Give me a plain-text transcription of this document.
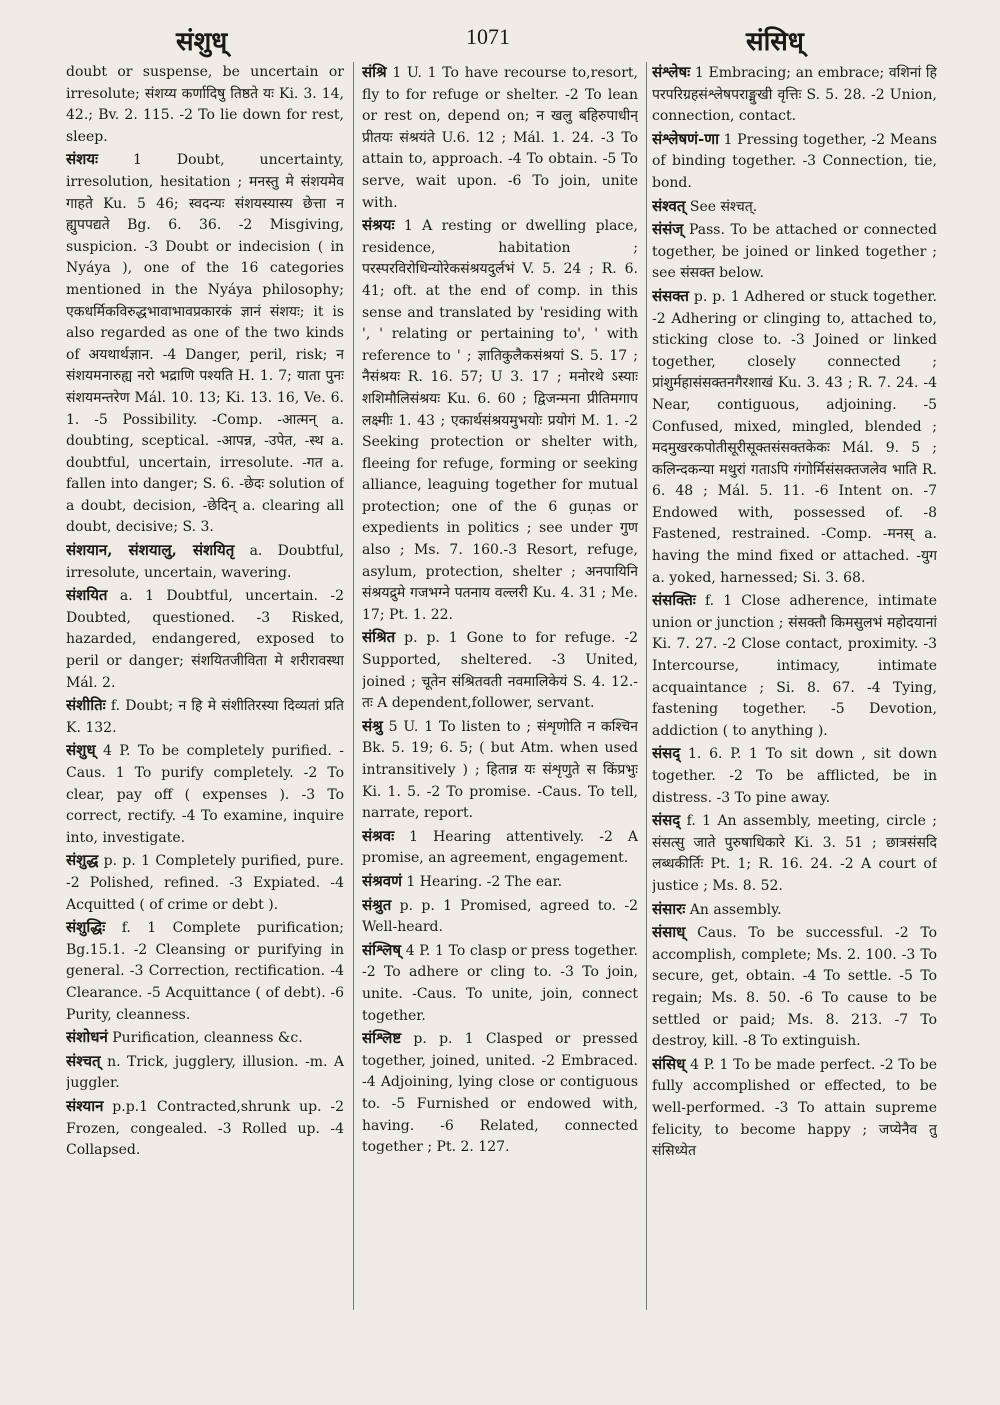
संशुध्	1071	संसिध्
doubt or suspense, be uncertain or irresolute; संशय्य कर्णादिषु तिष्ठते यः Ki. 3. 14, 42.; Bv. 2. 115. -2 To lie down for rest, sleep.
संशयः 1 Doubt, uncertainty, irresolution, hesitation ; मनस्तु मे संशयमेव गाहते Ku. 5 46; स्वदन्यः संशयस्यास्य छेत्ता न ह्युपपद्यते Bg. 6. 36. -2 Misgiving, suspicion. -3 Doubt or indecision ( in Nyáya ), one of the 16 categories mentioned in the Nyáya philosophy; एकधर्मिकविरुद्धभावाभावप्रकारकं ज्ञानं संशयः; it is also regarded as one of the two kinds of अयथार्थज्ञान. -4 Danger, peril, risk; न संशयमनारुह्य नरो भद्राणि पश्यति H. 1. 7; याता पुनः संशयमन्तरेण Mál. 10. 13; Ki. 13. 16, Ve. 6. 1. -5 Possibility. -Comp. -आत्मन् a. doubting, sceptical. -आपन्न, -उपेत, -स्थ a. doubtful, uncertain, irresolute. -गत a. fallen into danger; S. 6. -छेदः solution of a doubt, decision, -छेदिन् a. clearing all doubt, decisive; S. 3.
संशयान, संशयालु, संशयितृ a. Doubtful, irresolute, uncertain, wavering.
संशयित a. 1 Doubtful, uncertain. -2 Doubted, questioned. -3 Risked, hazarded, endangered, exposed to peril or danger; संशयितजीविता मे शरीरावस्था Mál. 2.
संशीतिः f. Doubt; न हि मे संशीतिरस्या दिव्यतां प्रति K. 132.
संशुध् 4 P. To be completely purified. -Caus. 1 To purify completely. -2 To clear, pay off ( expenses ). -3 To correct, rectify. -4 To examine, inquire into, investigate.
संशुद्ध p. p. 1 Completely purified, pure. -2 Polished, refined. -3 Expiated. -4 Acquitted ( of crime or debt ).
संशुद्धिः f. 1 Complete purification; Bg.15.1. -2 Cleansing or purifying in general. -3 Correction, rectification. -4 Clearance. -5 Acquittance ( of debt). -6 Purity, cleanness.
संशोधनं Purification, cleanness &c.
संश्चत् n. Trick, jugglery, illusion. -m. A juggler.
संश्यान p.p.1 Contracted,shrunk up. -2 Frozen, congealed. -3 Rolled up. -4 Collapsed.
संश्रि 1 U. 1 To have recourse to,resort, fly to for refuge or shelter. -2 To lean or rest on, depend on; न खलु बहिरुपाधीन् प्रीतयः संश्रयंते U.6. 12 ; Mál. 1. 24. -3 To attain to, approach. -4 To obtain. -5 To serve, wait upon. -6 To join, unite with.
संश्रयः 1 A resting or dwelling place, residence, habitation ; परस्परविरोधिन्योरेकसंश्रयदुर्लभं V. 5. 24 ; R. 6. 41; oft. at the end of comp. in this sense and translated by 'residing with ', ' relating or pertaining to', ' with reference to ' ; ज्ञातिकुलैकसंश्रयां S. 5. 17 ; नैसंश्रयः R. 16. 57; U 3. 17 ; मनोरथे ऽस्याः शशिमौलिसंश्रयः Ku. 6. 60 ; द्विजन्मना प्रीतिमगाप लक्ष्मीः 1. 43 ; एकार्थसंश्रयमुभयोः प्रयोगं M. 1. -2 Seeking protection or shelter with, fleeing for refuge, forming or seeking alliance, leaguing together for mutual protection; one of the 6 guṇas or expedients in politics ; see under गुण also ; Ms. 7. 160.-3 Resort, refuge, asylum, protection, shelter ; अनपायिनि संश्रयद्रुमे गजभग्ने पतनाय वल्लरी Ku. 4. 31 ; Me. 17; Pt. 1. 22.
संश्रित p. p. 1 Gone to for refuge. -2 Supported, sheltered. -3 United, joined ; चूतेन संश्रितवती नवमालिकेयं S. 4. 12.-तः A dependent,follower, servant.
संश्रु 5 U. 1 To listen to ; संशृणोति न कश्चिन Bk. 5. 19; 6. 5; ( but Atm. when used intransitively ) ; हितान्न यः संशृणुते स किंप्रभुः Ki. 1. 5. -2 To promise. -Caus. To tell, narrate, report.
संश्रवः 1 Hearing attentively. -2 A promise, an agreement, engagement.
संश्रवणं 1 Hearing. -2 The ear.
संश्रुत p. p. 1 Promised, agreed to. -2 Well-heard.
संश्लिष् 4 P. 1 To clasp or press together. -2 To adhere or cling to. -3 To join, unite. -Caus. To unite, join, connect together.
संश्लिष्ट p. p. 1 Clasped or pressed together, joined, united. -2 Embraced. -4 Adjoining, lying close or contiguous to. -5 Furnished or endowed with, having. -6 Related, connected together ; Pt. 2. 127.
संश्लेषः 1 Embracing; an embrace; वशिनां हि परपरिग्रहसंश्लेषपराङ्मुखी वृत्तिः S. 5. 28. -2 Union, connection, contact.
संश्लेषणं-णा 1 Pressing together, -2 Means of binding together. -3 Connection, tie, bond.
संश्वत् See संश्चत्.
संसंज् Pass. To be attached or connected together, be joined or linked together ; see संसक्त below.
संसक्त p. p. 1 Adhered or stuck together. -2 Adhering or clinging to, attached to, sticking close to. -3 Joined or linked together, closely connected ; प्रांशुर्महासंसक्तनगैरशाखं Ku. 3. 43 ; R. 7. 24. -4 Near, contiguous, adjoining. -5 Confused, mixed, mingled, blended ; मदमुखरकपोतीसूरीसूक्तसंसक्तकेकः Mál. 9. 5 ; कलिन्दकन्या मथुरां गताऽपि गंगोर्मिसंसक्तजलेव भाति R. 6. 48 ; Mál. 5. 11. -6 Intent on. -7 Endowed with, possessed of. -8 Fastened, restrained. -Comp. -मनस् a. having the mind fixed or attached. -युग a. yoked, harnessed; Si. 3. 68.
संसक्तिः f. 1 Close adherence, intimate union or junction ; संसक्तौ किमसुलभं महोदयानां Ki. 7. 27. -2 Close contact, proximity. -3 Intercourse, intimacy, intimate acquaintance ; Si. 8. 67. -4 Tying, fastening together. -5 Devotion, addiction ( to anything ).
संसद् 1. 6. P. 1 To sit down , sit down together. -2 To be afflicted, be in distress. -3 To pine away.
संसद् f. 1 An assembly, meeting, circle ; संसत्सु जाते पुरुषाधिकारे Ki. 3. 51 ; छात्रसंसदि लब्धकीर्तिः Pt. 1; R. 16. 24. -2 A court of justice ; Ms. 8. 52.
संसारः An assembly.
संसाध् Caus. To be successful. -2 To accomplish, complete; Ms. 2. 100. -3 To secure, get, obtain. -4 To settle. -5 To regain; Ms. 8. 50. -6 To cause to be settled or paid; Ms. 8. 213. -7 To destroy, kill. -8 To extinguish.
संसिध् 4 P. 1 To be made perfect. -2 To be fully accomplished or effected, to be well-performed. -3 To attain supreme felicity, to become happy ; जप्येनैव तु संसिध्येत
